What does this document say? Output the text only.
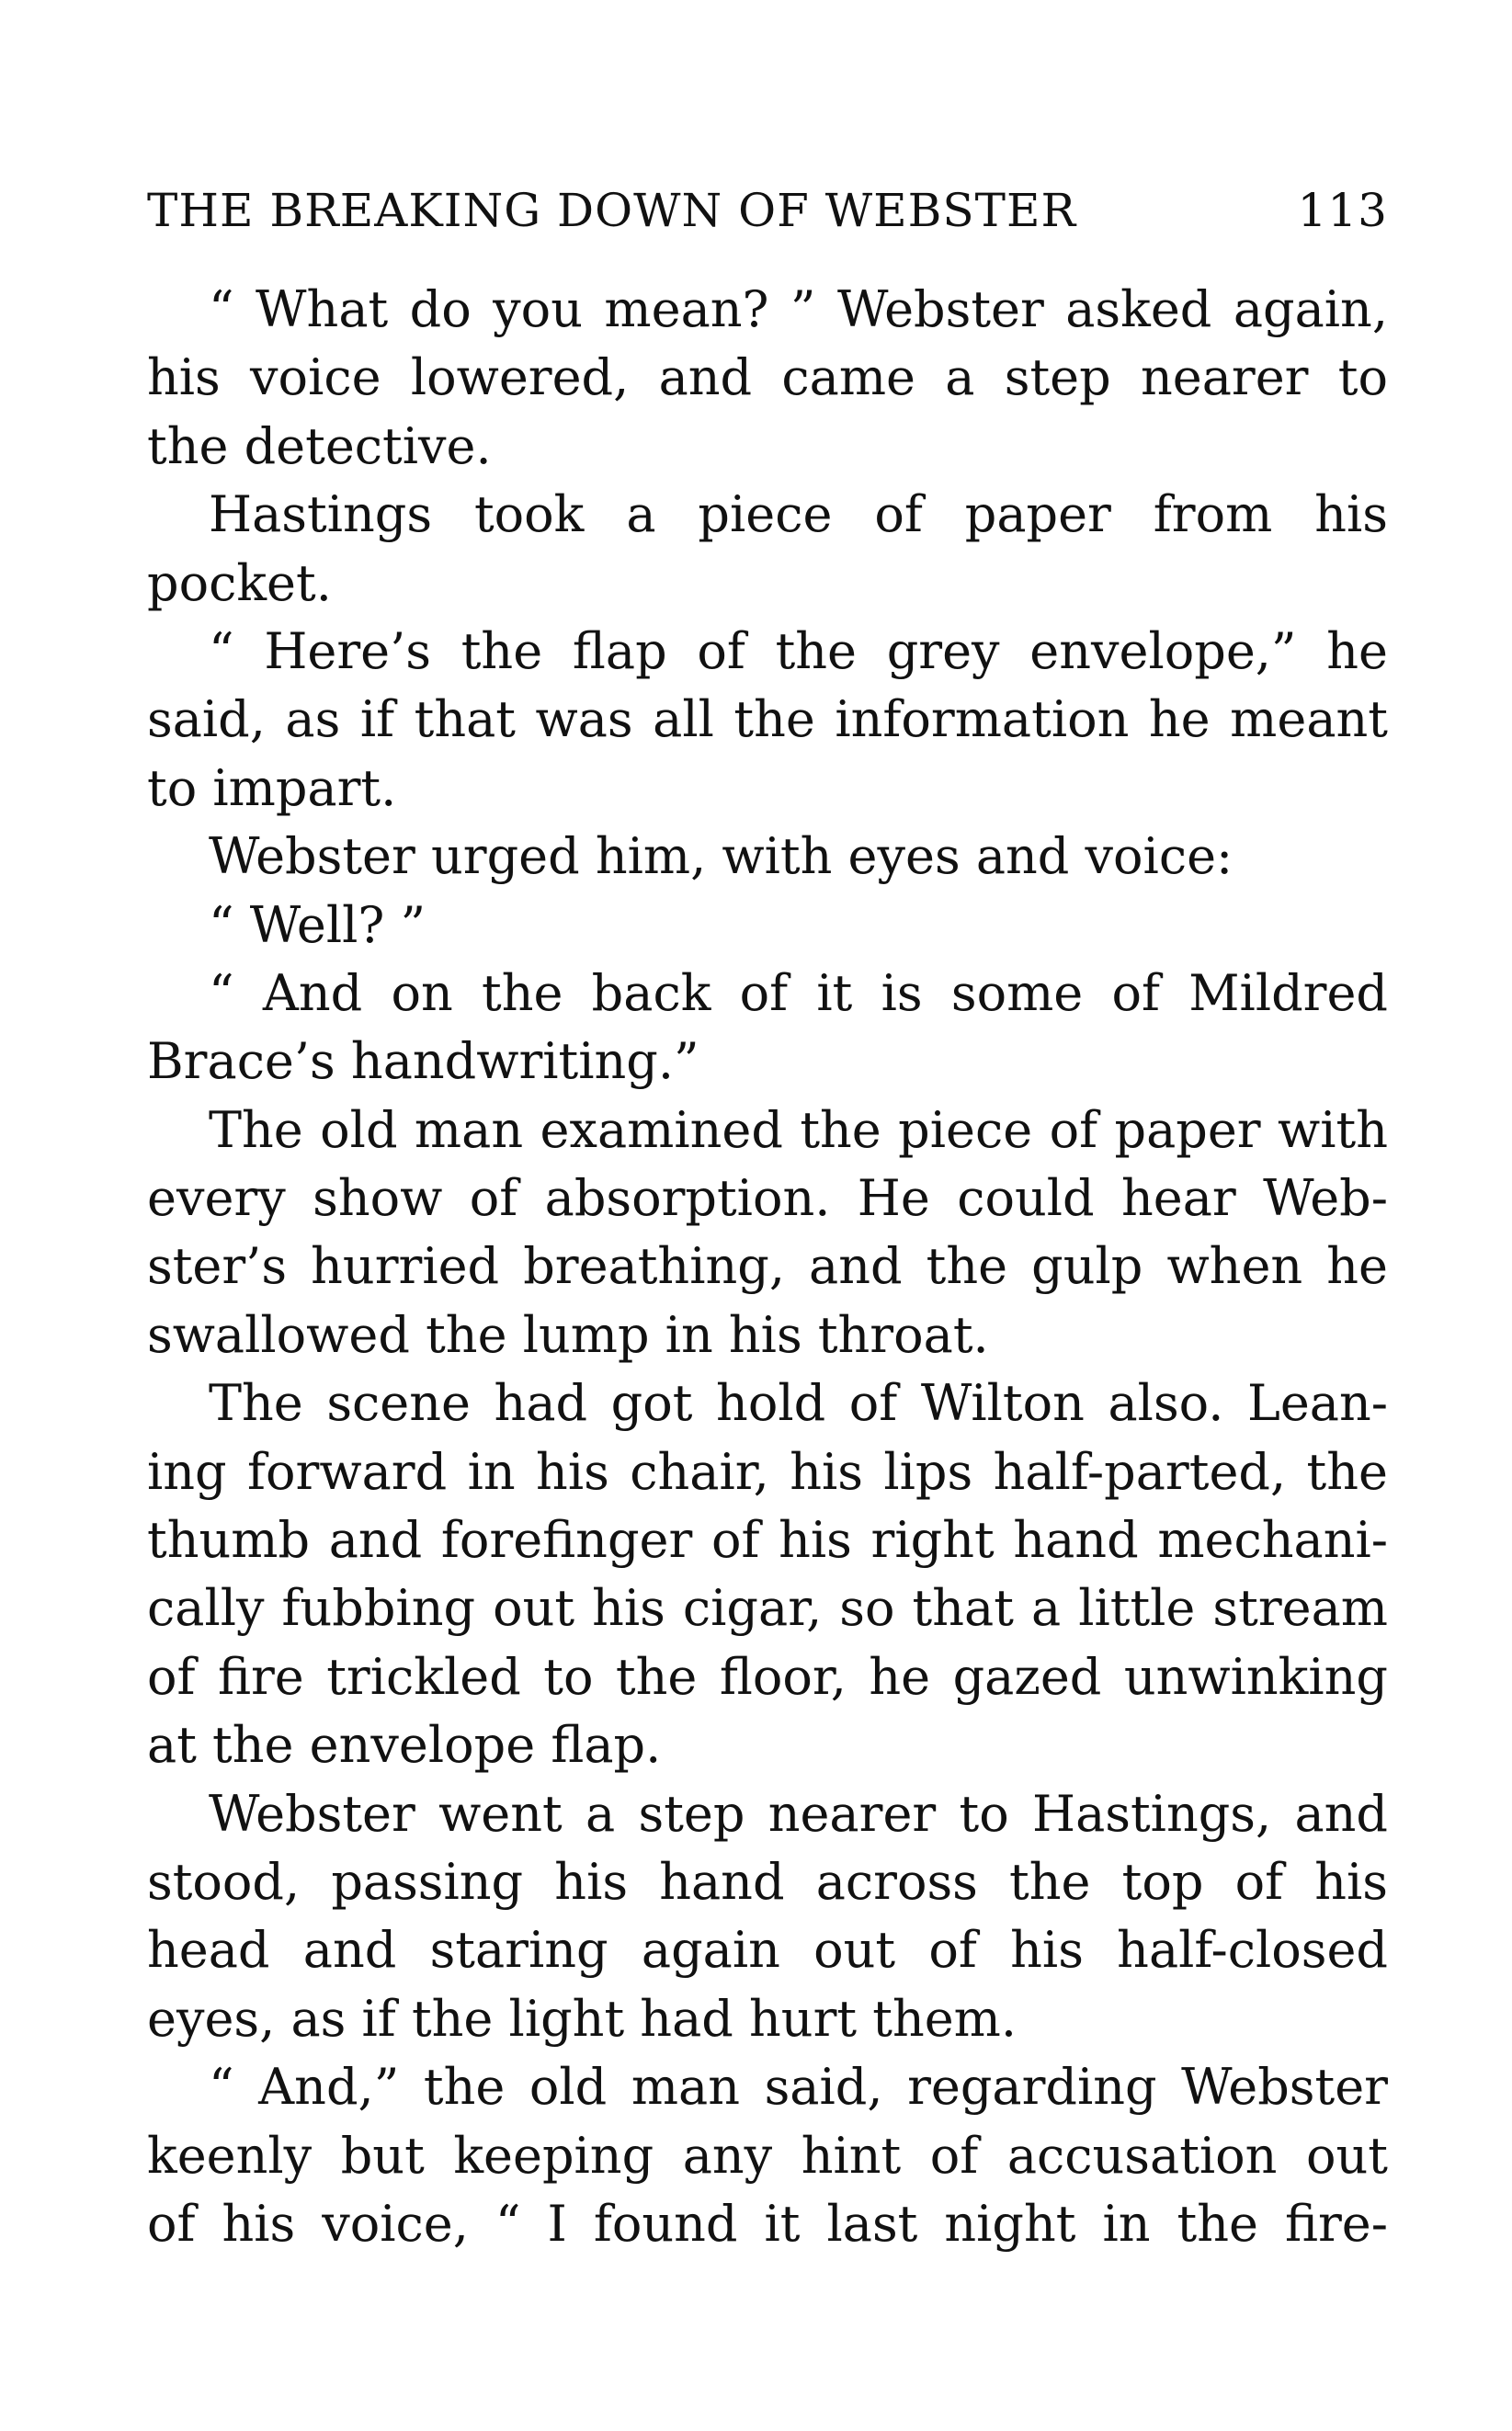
THE BREAKING DOWN OF WEBSTER	113
“ What do you mean? ” Webster asked again,
his voice lowered, and came a step nearer to
the detective.
Hastings took a piece of paper from his
pocket.
“ Here’s the flap of the grey envelope,” he
said, as if that was all the information he meant
to impart.
Webster urged him, with eyes and voice:
“ Well? ”
“ And on the back of it is some of Mildred
Brace’s handwriting.”
The old man examined the piece of paper with
every show of absorption. He could hear Web-
ster’s hurried breathing, and the gulp when he
swallowed the lump in his throat.
The scene had got hold of Wilton also. Lean-
ing forward in his chair, his lips half-parted, the
thumb and forefinger of his right hand mechani-
cally fubbing out his cigar, so that a little stream
of fire trickled to the floor, he gazed unwinking
at the envelope flap.
Webster went a step nearer to Hastings, and
stood, passing his hand across the top of his
head and staring again out of his half-closed
eyes, as if the light had hurt them.
“ And,” the old man said, regarding Webster
keenly but keeping any hint of accusation out
of his voice, “ I found it last night in the fire-
